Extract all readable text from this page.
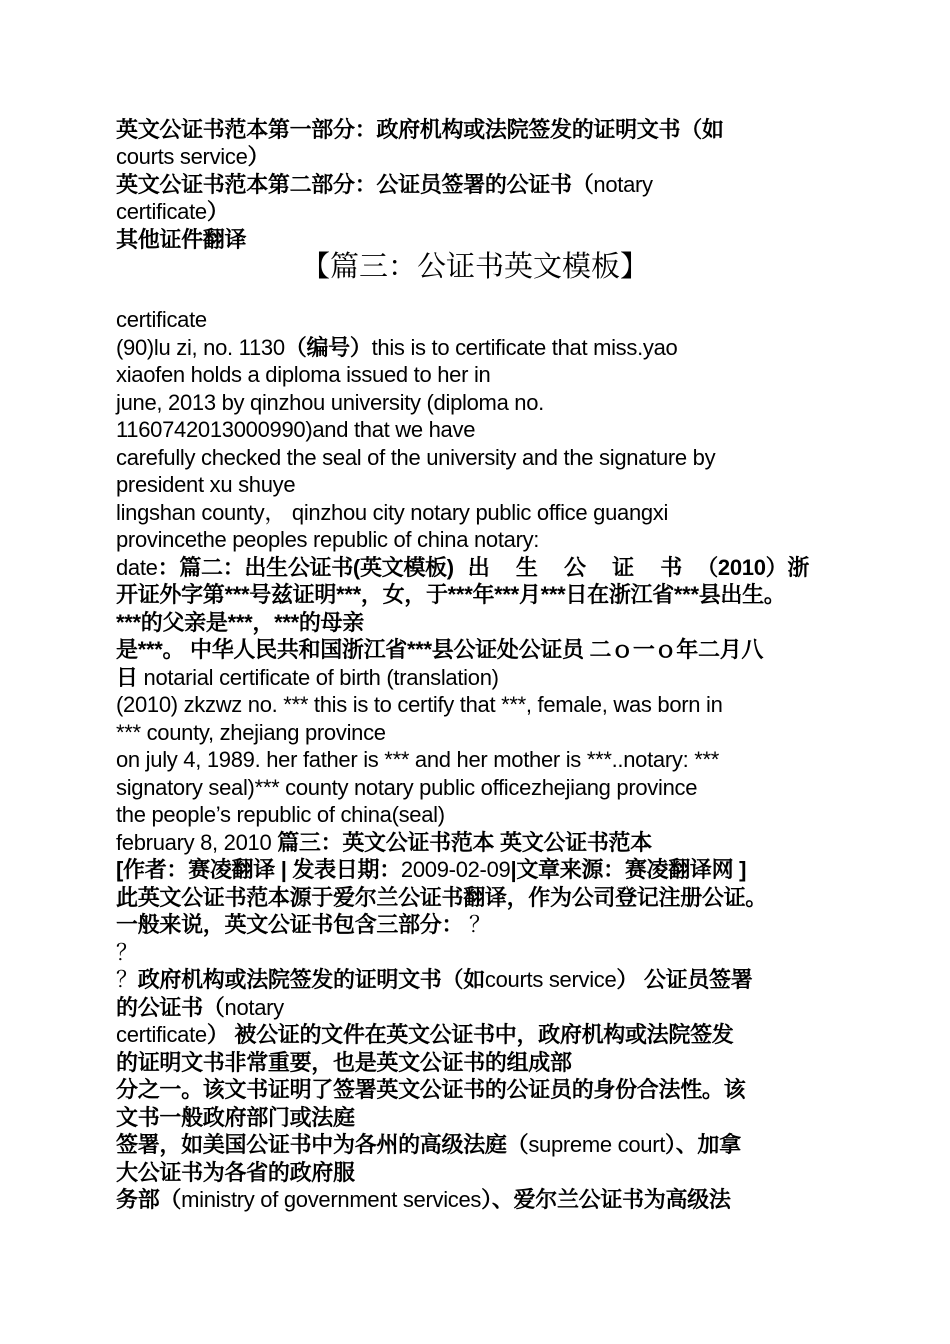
英文公证书范本第一部分：政府机构或法院签发的证明文书（如
courts service）
英文公证书范本第二部分：公证员签署的公证书（notary
certificate）
其他证件翻译
【篇三：公证书英文模板】
certificate
(90)lu zi, no. 1130（编号）this is to certificate that miss.yao
xiaofen holds a diploma issued to her in
june, 2013 by qinzhou university (diploma no.
116074201300099​0)and that we have
carefully checked the seal of the university and the signature by
president xu shuye
lingshan county， qinzhou city notary public office guangxi
provincethe peoples republic of china notary:
date：篇二：出生公证书(英文模板) 出 生 公 证 书 （2010）浙
开证外字第***号兹证明***，女，于***年***月***日在浙江省***县出生。
***的父亲是***，***的母亲
是***。 中华人民共和国浙江省***县公证处公证员 二ｏ一ｏ年二月八
日 notarial certificate of birth (translation)
(2010) zkzwz no. *** this is to certify that ***, female, was born in
*** county, zhejiang province
on july 4, 1989. her father is *** and her mother is ***..notary: ***
signatory seal)*** county notary public officezhejiang province
the people’s republic of china(seal)
february 8, 2010 篇三：英文公证书范本 英文公证书范本
[作者：赛凌翻译 | 发表日期：2009-02-09|文章来源：赛凌翻译网 ]
此英文公证书范本源于爱尔兰公证书翻译，作为公司登记注册公证。
一般来说，英文公证书包含三部分： ？
？
？政府机构或法院签发的证明文书（如courts service） 公证员签署
的公证书（notary
certificate） 被公证的文件在英文公证书中，政府机构或法院签发
的证明文书非常重要，也是英文公证书的组成部
分之一。该文书证明了签署英文公证书的公证员的身份合法性。该
文书一般政府部门或法庭
签署，如美国公证书中为各州的高级法庭（supreme court）、加拿
大公证书为各省的政府服
务部（ministry of government services）、爱尔兰公证书为高级法
